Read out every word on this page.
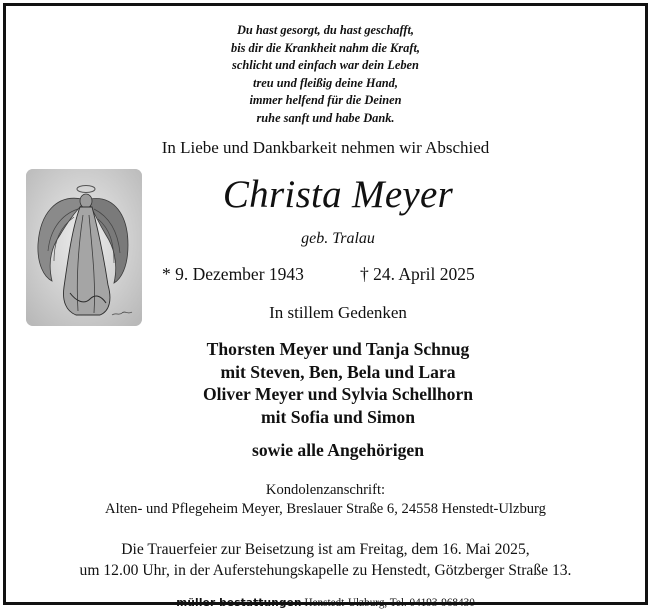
Du hast gesorgt, du hast geschafft,
bis dir die Krankheit nahm die Kraft,
schlicht und einfach war dein Leben
treu und fleißig deine Hand,
immer helfend für die Deinen
ruhe sanft und habe Dank.
In Liebe und Dankbarkeit nehmen wir Abschied
Christa Meyer
geb. Tralau
* 9. Dezember 1943	† 24. April 2025
In stillem Gedenken
Thorsten Meyer und Tanja Schnug
mit Steven, Ben, Bela und Lara
Oliver Meyer und Sylvia Schellhorn
mit Sofia und Simon
sowie alle Angehörigen
Kondolenzanschrift:
Alten- und Pflegeheim Meyer, Breslauer Straße 6, 24558 Henstedt-Ulzburg
Die Trauerfeier zur Beisetzung ist am Freitag, dem 16. Mai 2025,
um 12.00 Uhr, in der Auferstehungskapelle zu Henstedt, Götzberger Straße 13.
müller bestattungen Henstedt-Ulzburg, Tel. 04193-968430
